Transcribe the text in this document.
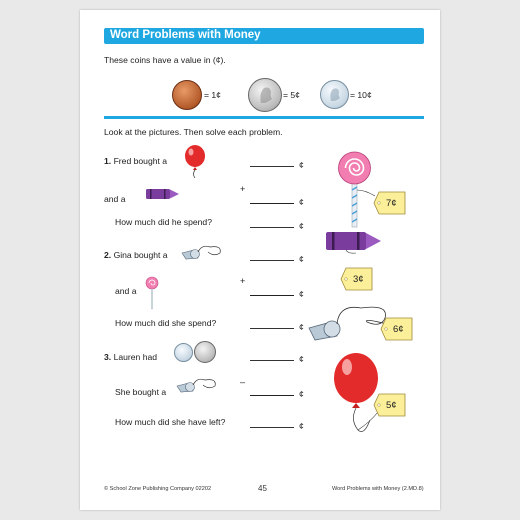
Word Problems with Money
These coins have a value in (¢).
= 1¢	= 5¢	= 10¢
Look at the pictures. Then solve each problem.
1. Fred bought a	¢
and a
+
¢
How much did he spend?	¢
2. Gina bought a	¢
and a
+
¢
How much did she spend?	¢
3. Lauren had	¢
She bought a
–
¢
How much did she have left?	¢
7¢
3¢
6¢
5¢
© School Zone Publishing Company 02202	45	Word Problems with Money (2.MD.8)
